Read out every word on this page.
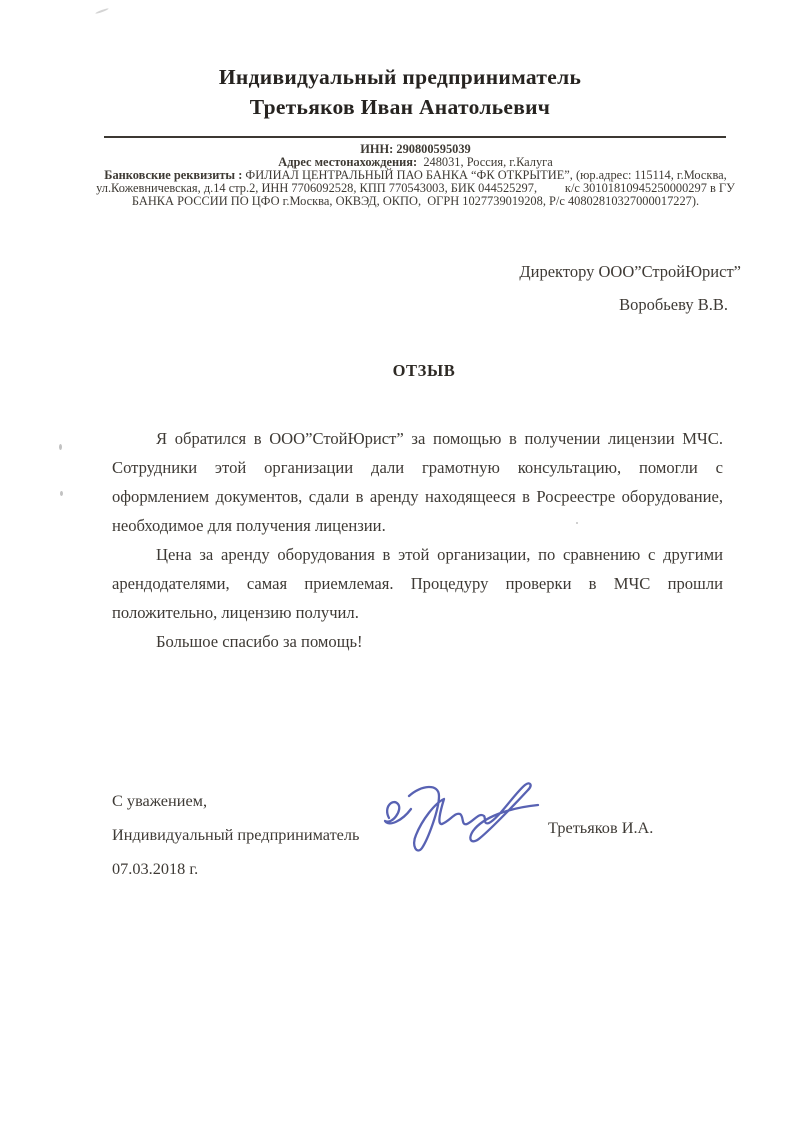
Индивидуальный предприниматель
Третьяков Иван Анатольевич
ИНН: 290800595039
Адрес местонахождения:  248031, Россия, г.Калуга
Банковские реквизиты : ФИЛИАЛ ЦЕНТРАЛЬНЫЙ ПАО БАНКА “ФК ОТКРЫТИЕ”, (юр.адрес: 115114, г.Москва,
ул.Кожевничевская, д.14 стр.2, ИНН 7706092528, КПП 770543003, БИК 044525297,         к/с 30101810945250000297 в ГУ
БАНКА РОССИИ ПО ЦФО г.Москва, ОКВЭД, ОКПО,  ОГРН 1027739019208, Р/с 40802810327000017227).
Директору ООО”СтройЮрист”
Воробьеву В.В.
ОТЗЫВ

Я обратился в ООО”СтойЮрист” за помощью в получении лицензии МЧС. Сотрудники этой организации дали грамотную консультацию, помогли с оформлением документов, сдали в аренду находящееся в Росреестре оборудование, необходимое для получения лицензии.

Цена за аренду оборудования в этой организации, по сравнению с другими арендодателями, самая приемлемая. Процедуру проверки в МЧС прошли положительно, лицензию получил.

Большое спасибо за помощь!

С уважением,
Индивидуальный предприниматель
07.03.2018 г.
Третьяков И.А.
